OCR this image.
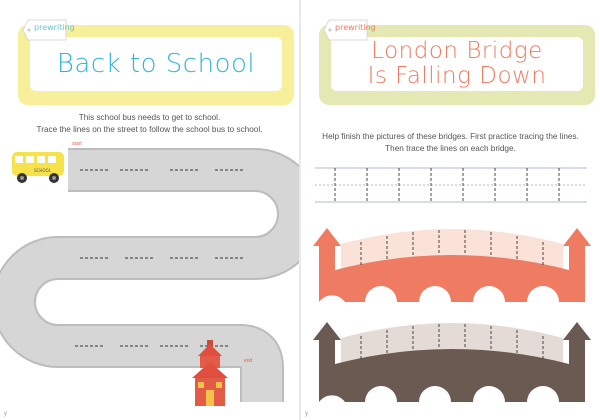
Back to School
prewriting
This school bus needs to get to school.
Trace the lines on the street to follow the school bus to school.
SCHOOL
start
end
y
London Bridge
Is Falling Down
prewriting
Help finish the pictures of these bridges. First practice tracing the lines.
Then trace the lines on each bridge.
y
